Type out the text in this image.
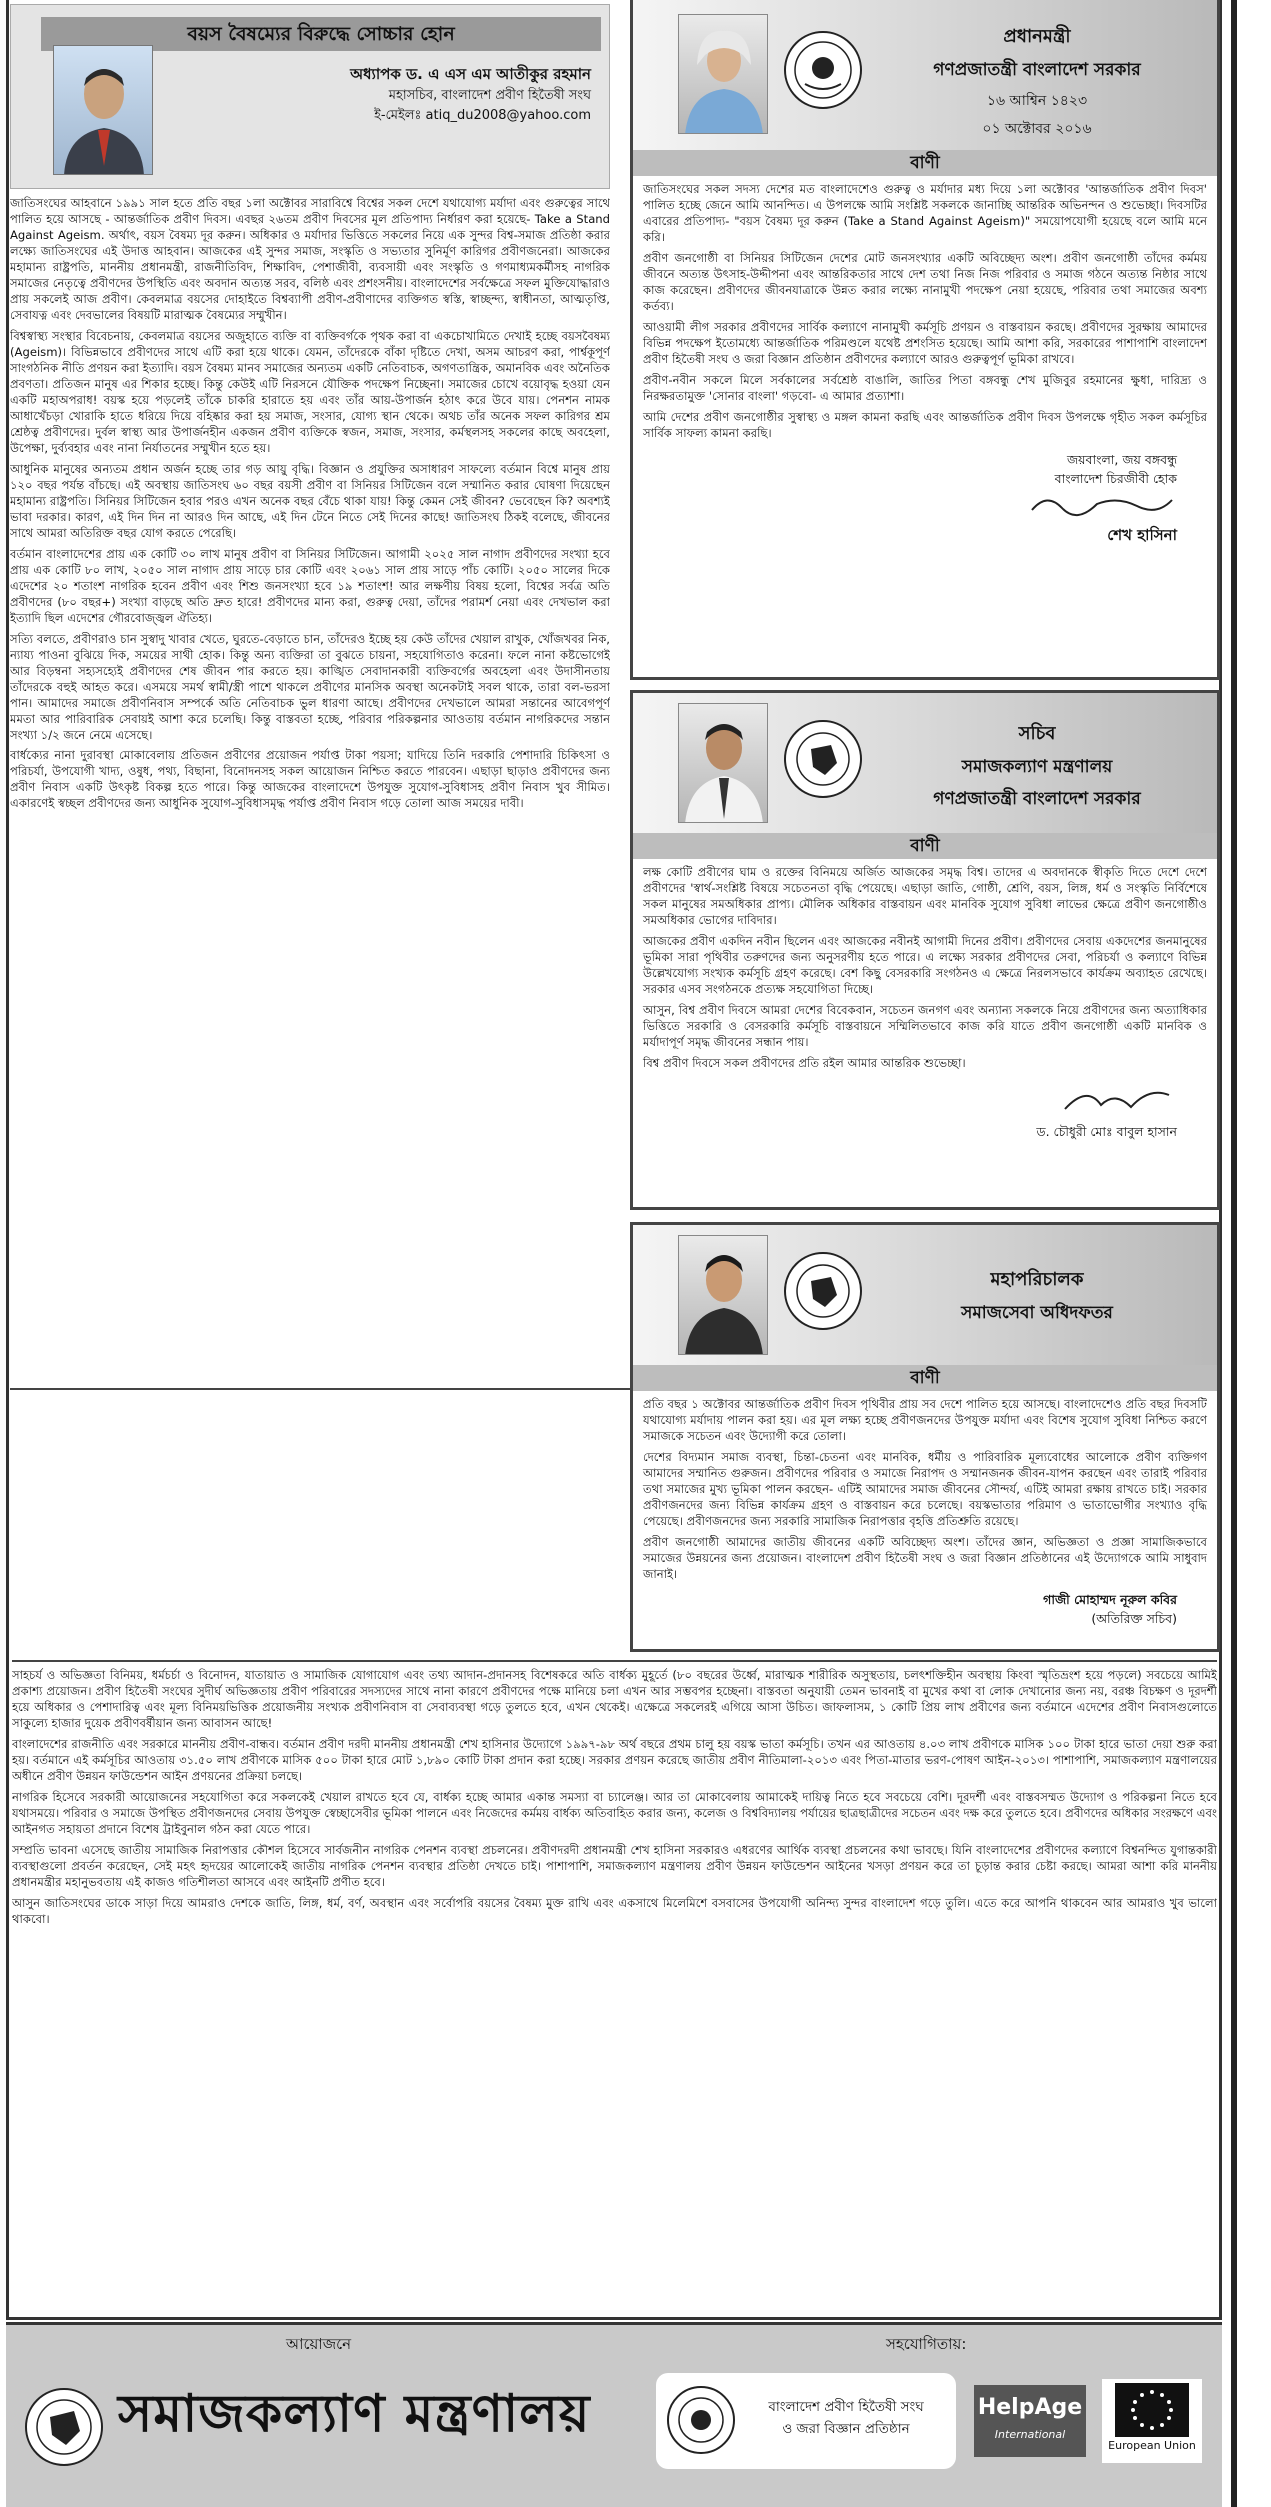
বয়স বৈষম্যের বিরুদ্ধে সোচ্চার হোন
অধ্যাপক ড. এ এস এম আতীকুর রহমান
মহাসচিব, বাংলাদেশ প্রবীণ হিতৈষী সংঘ
ই-মেইলঃ atiq_du2008@yahoo.com

জাতিসংঘের আহবানে ১৯৯১ সাল হতে প্রতি বছর ১লা অক্টোবর সারাবিশ্বে বিশ্বের সকল দেশে যথাযোগ্য মর্যাদা এবং গুরুত্বের সাথে পালিত হয়ে আসছে - আন্তর্জাতিক প্রবীণ দিবস। এবছর ২৬তম প্রবীণ দিবসের মূল প্রতিপাদ্য নির্ধারণ করা হয়েছে- Take a Stand Against Ageism. অর্থাৎ, বয়স বৈষম্য দূর করুন। অধিকার ও মর্যাদার ভিত্তিতে সকলের নিয়ে এক সুন্দর বিশ্ব-সমাজ প্রতিষ্ঠা করার লক্ষ্যে জাতিসংঘের এই উদাত্ত আহবান। আজকের এই সুন্দর সমাজ, সংস্কৃতি ও সভ্যতার সুনির্মূণ কারিগর প্রবীণজনেরা। আজকের মহামান্য রাষ্ট্রপতি, মাননীয় প্রধানমন্ত্রী, রাজনীতিবিদ, শিক্ষাবিদ, পেশাজীবী, ব্যবসায়ী এবং সংস্কৃতি ও গণমাধ্যমকর্মীসহ নাগরিক সমাজের নেতৃত্বে প্রবীণদের উপস্থিতি এবং অবদান অত্যন্ত সরব, বলিষ্ঠ এবং প্রশংসনীয়। বাংলাদেশের সর্বক্ষেত্রে সফল মুক্তিযোদ্ধারাও প্রায় সকলেই আজ প্রবীণ। কেবলমাত্র বয়সের দোহাইতে বিশ্বব্যাপী প্রবীণ-প্রবীণাদের ব্যক্তিগত স্বস্তি, স্বাচ্ছন্দ্য, স্বাধীনতা, আত্মতৃপ্তি, সেবাযত্ন এবং দেবভালের বিষয়টি মারাত্মক বৈষম্যের সম্মুখীন।

বিশ্বস্বাস্থ্য সংস্থার বিবেচনায়, কেবলমাত্র বয়সের অজুহাতে ব্যক্তি বা ব্যক্তিবর্গকে পৃথক করা বা একচোখামিতে দেখাই হচ্ছে বয়সবৈষম্য (Ageism)। বিভিন্নভাবে প্রবীণদের সাথে এটি করা হয়ে থাকে। যেমন, তাঁদেরকে বাঁকা দৃষ্টিতে দেখা, অসম আচরণ করা, পার্শ্বকূপূর্ণ সাংগঠনিক নীতি প্রণয়ন করা ইত্যাদি। বয়স বৈষম্য মানব সমাজের অন্যতম একটি নেতিবাচক, অগণতান্ত্রিক, অমানবিক এবং অনৈতিক প্রবণতা। প্রতিজন মানুষ এর শিকার হচ্ছে। কিন্তু কেউই এটি নিরসনে যৌক্তিক পদক্ষেপ নিচ্ছেনা। সমাজের চোখে বয়োবৃদ্ধ হওয়া যেন একটি মহাঅপরাধ! বয়স্ক হয়ে পড়লেই তাঁকে চাকরি হারাতে হয় এবং তাঁর আয়-উপার্জন হঠাৎ করে উবে যায়। পেনশন নামক আধাখেঁচড়া খোরাকি হাতে ধরিয়ে দিয়ে বহিষ্কার করা হয় সমাজ, সংসার, যোগ্য স্থান থেকে। অথচ তাঁর অনেক সফল কারিগর শ্রম শ্রেষ্ঠত্ব প্রবীণদের। দুর্বল স্বাস্থ্য আর উপার্জনহীন একজন প্রবীণ ব্যক্তিকে স্বজন, সমাজ, সংসার, কর্মস্থলসহ সকলের কাছে অবহেলা, উপেক্ষা, দুর্ব্যবহার এবং নানা নির্যাতনের সম্মুখীন হতে হয়।

আধুনিক মানুষের অন্যতম প্রধান অর্জন হচ্ছে তার গড় আয়ু বৃদ্ধি। বিজ্ঞান ও প্রযুক্তির অসাধারণ সাফল্যে বর্তমান বিশ্বে মানুষ প্রায় ১২০ বছর পর্যন্ত বাঁচছে। এই অবস্থায় জাতিসংঘ ৬০ বছর বয়সী প্রবীণ বা সিনিয়র সিটিজেন বলে সম্মানিত করার ঘোষণা দিয়েছেন মহামান্য রাষ্ট্রপতি। সিনিয়র সিটিজেন হবার পরও এখন অনেক বছর বেঁচে থাকা যায়! কিন্তু কেমন সেই জীবন? ভেবেছেন কি? অবশ্যই ভাবা দরকার। কারণ, এই দিন দিন না আরও দিন আছে, এই দিন টেনে নিতে সেই দিনের কাছে! জাতিসংঘ ঠিকই বলেছে, জীবনের সাথে আমরা অতিরিক্ত বছর যোগ করতে পেরেছি।

বর্তমান বাংলাদেশের প্রায় এক কোটি ৩০ লাখ মানুষ প্রবীণ বা সিনিয়র সিটিজেন। আগামী ২০২৫ সাল নাগাদ প্রবীণদের সংখ্যা হবে প্রায় এক কোটি ৮০ লাখ, ২০৫০ সাল নাগাদ প্রায় সাড়ে চার কোটি এবং ২০৬১ সাল প্রায় সাড়ে পাঁচ কোটি। ২০৫০ সালের দিকে এদেশের ২০ শতাংশ নাগরিক হবেন প্রবীণ এবং শিশু জনসংখ্যা হবে ১৯ শতাংশ! আর লক্ষণীয় বিষয় হলো, বিশ্বের সর্বত্র অতি প্রবীণদের (৮০ বছর+) সংখ্যা বাড়ছে অতি দ্রুত হারে! প্রবীণদের মান্য করা, গুরুত্ব দেয়া, তাঁদের পরামর্শ নেয়া এবং দেখভাল করা ইত্যাদি ছিল এদেশের গৌরবোজ্জ্বল ঐতিহ্য।

সত্যি বলতে, প্রবীণরাও চান সুস্বাদু খাবার খেতে, ঘুরতে-বেড়াতে চান, তাঁদেরও ইচ্ছে হয় কেউ তাঁদের খেয়াল রাখুক, খোঁজখবর নিক, ন্যায্য পাওনা বুঝিয়ে দিক, সময়ের সাথী হোক। কিন্তু অন্য ব্যক্তিরা তা বুঝতে চায়না, সহযোগিতাও করেনা। ফলে নানা কষ্টভোগেই আর বিড়ম্বনা সহ্যসহ্যেই প্রবীণদের শেষ জীবন পার করতে হয়। কাঙ্খিত সেবাদানকারী ব্যক্তিবর্গের অবহেলা এবং উদাসীনতায় তাঁদেরকে বহুই আহত করে। এসময়ে সমর্থ স্বামী/স্ত্রী পাশে থাকলে প্রবীণের মানসিক অবস্থা অনেকটাই সবল থাকে, তারা বল-ভরসা পান। আমাদের সমাজে প্রবীণনিবাস সম্পর্কে অতি নেতিবাচক ভুল ধারণা আছে। প্রবীণদের দেখভালে আমরা সন্তানের আবেগপূর্ণ মমতা আর পারিবারিক সেবায়ই আশা করে চলেছি। কিন্তু বাস্তবতা হচ্ছে, পরিবার পরিকল্পনার আওতায় বর্তমান নাগরিকদের সন্তান সংখ্যা ১/২ জনে নেমে এসেছে।

বার্ধক্যের নানা দুরাবস্থা মোকাবেলায় প্রতিজন প্রবীণের প্রয়োজন পর্যাপ্ত টাকা পয়সা; যাদিয়ে তিনি দরকারি পেশাদারি চিকিৎসা ও পরিচর্যা, উপযোগী খাদ্য, ওষুধ, পথ্য, বিছানা, বিনোদনসহ সকল আয়োজন নিশ্চিত করতে পারবেন। এছাড়া ছাড়াও প্রবীণদের জন্য প্রবীণ নিবাস একটি উৎকৃষ্ট বিকল্প হতে পারে। কিন্তু আজকের বাংলাদেশে উপযুক্ত সুযোগ-সুবিধাসহ প্রবীণ নিবাস খুব সীমিত। একারণেই স্বচ্ছল প্রবীণদের জন্য আধুনিক সুযোগ-সুবিধাসমৃদ্ধ পর্যাপ্ত প্রবীণ নিবাস গড়ে তোলা আজ সময়ের দাবী।

প্রধানমন্ত্রী
গণপ্রজাতন্ত্রী বাংলাদেশ সরকার
১৬ আশ্বিন ১৪২৩
০১ অক্টোবর ২০১৬
বাণী

জাতিসংঘের সকল সদস্য দেশের মত বাংলাদেশেও গুরুত্ব ও মর্যাদার মধ্য দিয়ে ১লা অক্টোবর 'আন্তর্জাতিক প্রবীণ দিবস' পালিত হচ্ছে জেনে আমি আনন্দিত। এ উপলক্ষে আমি সংশ্লিষ্ট সকলকে জানাচ্ছি আন্তরিক অভিনন্দন ও শুভেচ্ছা। দিবসটির এবারের প্রতিপাদ্য- "বয়স বৈষম্য দূর করুন (Take a Stand Against Ageism)" সময়োপযোগী হয়েছে বলে আমি মনে করি।

প্রবীণ জনগোষ্ঠী বা সিনিয়র সিটিজেন দেশের মোট জনসংখ্যার একটি অবিচ্ছেদ্য অংশ। প্রবীণ জনগোষ্ঠী তাঁদের কর্মময় জীবনে অত্যন্ত উৎসাহ-উদ্দীপনা এবং আন্তরিকতার সাথে দেশ তথা নিজ নিজ পরিবার ও সমাজ গঠনে অত্যন্ত নিষ্ঠার সাথে কাজ করেছেন। প্রবীণদের জীবনযাত্রাকে উন্নত করার লক্ষ্যে নানামুখী পদক্ষেপ নেয়া হয়েছে, পরিবার তথা সমাজের অবশ্য কর্তব্য।

আওয়ামী লীগ সরকার প্রবীণদের সার্বিক কল্যাণে নানামুখী কর্মসূচি প্রণয়ন ও বাস্তবায়ন করছে। প্রবীণদের সুরক্ষায় আমাদের বিভিন্ন পদক্ষেপ ইতোমধ্যে আন্তর্জাতিক পরিমণ্ডলে যথেষ্ট প্রশংসিত হয়েছে। আমি আশা করি, সরকারের পাশাপাশি বাংলাদেশ প্রবীণ হিতৈষী সংঘ ও জরা বিজ্ঞান প্রতিষ্ঠান প্রবীণদের কল্যাণে আরও গুরুত্বপূর্ণ ভূমিকা রাখবে।

প্রবীণ-নবীন সকলে মিলে সর্বকালের সর্বশ্রেষ্ঠ বাঙালি, জাতির পিতা বঙ্গবন্ধু শেখ মুজিবুর রহমানের ক্ষুধা, দারিদ্র্য ও নিরক্ষরতামুক্ত 'সোনার বাংলা' গড়বো- এ আমার প্রত্যাশা।

আমি দেশের প্রবীণ জনগোষ্ঠীর সুস্বাস্থ্য ও মঙ্গল কামনা করছি এবং আন্তর্জাতিক প্রবীণ দিবস উপলক্ষে গৃহীত সকল কর্মসূচির সার্বিক সাফল্য কামনা করছি।

জয়বাংলা, জয় বঙ্গবন্ধু
বাংলাদেশ চিরজীবী হোক
শেখ হাসিনা
সচিব
সমাজকল্যাণ মন্ত্রণালয়
গণপ্রজাতন্ত্রী বাংলাদেশ সরকার
বাণী

লক্ষ কোটি প্রবীণের ঘাম ও রক্তের বিনিময়ে অর্জিত আজকের সমৃদ্ধ বিশ্ব। তাদের এ অবদানকে স্বীকৃতি দিতে দেশে দেশে প্রবীণদের 'স্বার্থ-সংশ্লিষ্ট বিষয়ে সচেতনতা বৃদ্ধি পেয়েছে। এছাড়া জাতি, গোষ্ঠী, শ্রেণি, বয়স, লিঙ্গ, ধর্ম ও সংস্কৃতি নির্বিশেষে সকল মানুষের সমঅধিকার প্রাপ্য। মৌলিক অধিকার বাস্তবায়ন এবং মানবিক সুযোগ সুবিধা লাভের ক্ষেত্রে প্রবীণ জনগোষ্ঠীও সমঅধিকার ভোগের দাবিদার।

আজকের প্রবীণ একদিন নবীন ছিলেন এবং আজকের নবীনই আগামী দিনের প্রবীণ। প্রবীণদের সেবায় একদেশের জনমানুষের ভূমিকা সারা পৃথিবীর তরুণদের জন্য অনুসরণীয় হতে পারে। এ লক্ষ্যে সরকার প্রবীণদের সেবা, পরিচর্যা ও কল্যাণে বিভিন্ন উল্লেখযোগ্য সংখ্যক কর্মসূচি গ্রহণ করেছে। বেশ কিছু বেসরকারি সংগঠনও এ ক্ষেত্রে নিরলসভাবে কার্যক্রম অব্যাহত রেখেছে। সরকার এসব সংগঠনকে প্রত্যক্ষ সহযোগিতা দিচ্ছে।

আসুন, বিশ্ব প্রবীণ দিবসে আমরা দেশের বিবেকবান, সচেতন জনগণ এবং অন্যান্য সকলকে নিয়ে প্রবীণদের জন্য অত্যাধিকার ভিত্তিতে সরকারি ও বেসরকারি কর্মসূচি বাস্তবায়নে সম্মিলিতভাবে কাজ করি যাতে প্রবীণ জনগোষ্ঠী একটি মানবিক ও মর্যাদাপূর্ণ সমৃদ্ধ জীবনের সন্ধান পায়।

বিশ্ব প্রবীণ দিবসে সকল প্রবীণদের প্রতি রইল আমার আন্তরিক শুভেচ্ছা।

ড. চৌধুরী মোঃ বাবুল হাসান
আয়োজনে	সহযোগিতায়:
সমাজকল্যাণ মন্ত্রণালয়	বাংলাদেশ প্রবীণ হিতৈষী সংঘ
ও জরা বিজ্ঞান প্রতিষ্ঠান
HelpAge
International
European Union
মহাপরিচালক
সমাজসেবা অধিদফতর
বাণী

প্রতি বছর ১ অক্টোবর আন্তর্জাতিক প্রবীণ দিবস পৃথিবীর প্রায় সব দেশে পালিত হয়ে আসছে। বাংলাদেশেও প্রতি বছর দিবসটি যথাযোগ্য মর্যাদায় পালন করা হয়। এর মূল লক্ষ্য হচ্ছে প্রবীণজনদের উপযুক্ত মর্যাদা এবং বিশেষ সুযোগ সুবিধা নিশ্চিত করণে সমাজকে সচেতন এবং উদ্যোগী করে তোলা।

দেশের বিদ্যমান সমাজ ব্যবস্থা, চিন্তা-চেতনা এবং মানবিক, ধর্মীয় ও পারিবারিক মূল্যবোধের আলোকে প্রবীণ ব্যক্তিগণ আমাদের সম্মানিত গুরুজন। প্রবীণদের পরিবার ও সমাজে নিরাপদ ও সম্মানজনক জীবন-যাপন করছেন এবং তারাই পরিবার তথা সমাজের মুখ্য ভূমিকা পালন করছেন- এটিই আমাদের সমাজ জীবনের সৌন্দর্য, এটিই আমরা রক্ষায় রাখতে চাই। সরকার প্রবীণজনদের জন্য বিভিন্ন কার্যক্রম গ্রহণ ও বাস্তবায়ন করে চলেছে। বয়স্কভাতার পরিমাণ ও ভাতাভোগীর সংখ্যাও বৃদ্ধি পেয়েছে। প্রবীণজনদের জন্য সরকারি সামাজিক নিরাপত্তার বৃহত্তি প্রতিশ্রুতি রয়েছে।

প্রবীণ জনগোষ্ঠী আমাদের জাতীয় জীবনের একটি অবিচ্ছেদ্য অংশ। তাঁদের জ্ঞান, অভিজ্ঞতা ও প্রজ্ঞা সামাজিকভাবে সমাজের উন্নয়নের জন্য প্রয়োজন। বাংলাদেশ প্রবীণ হিতৈষী সংঘ ও জরা বিজ্ঞান প্রতিষ্ঠানের এই উদ্যোগকে আমি সাধুবাদ জানাই।

গাজী মোহাম্মদ নূরুল কবির
(অতিরিক্ত সচিব)

সাহচর্য ও অভিজ্ঞতা বিনিময়, ধর্মচর্চা ও বিনোদন, যাতায়াত ও সামাজিক যোগাযোগ এবং তথ্য আদান-প্রদানসহ বিশেষকরে অতি বার্ধক্য মুহূর্তে (৮০ বছরের উর্ধ্বে, মারাত্মক শারীরিক অসুস্থতায়, চলৎশক্তিহীন অবস্থায় কিংবা স্মৃতিভ্রংশ হয়ে পড়লে) সবচেয়ে আমিই প্রকাশ্য প্রয়োজন। প্রবীণ হিতৈষী সংঘের সুদীর্ঘ অভিজ্ঞতায় প্রবীণ পরিবারের সদস্যদের সাথে নানা কারণে প্রবীণদের পক্ষে মানিয়ে চলা এখন আর সম্ভবপর হচ্ছেনা। বাস্তবতা অনুযায়ী তেমন ভাবনাই বা মুখের কথা বা লোক দেখানোর জন্য নয়, বরঞ্চ বিচক্ষণ ও দূরদর্শী হয়ে অধিকার ও পেশাদারিত্ব এবং মূল্য বিনিময়ভিত্তিক প্রয়োজনীয় সংখ্যক প্রবীণনিবাস বা সেবাব্যবস্থা গড়ে তুলতে হবে, এখন থেকেই। এক্ষেত্রে সকলেরই এগিয়ে আসা উচিত। জাফলাসম, ১ কোটি প্রিয় লাখ প্রবীণের জন্য বর্তমানে এদেশের প্রবীণ নিবাসগুলোতে সাকুল্যে হাজার দুয়েক প্রবীণবর্ষীয়ান জন্য আবাসন আছে!

বাংলাদেশের রাজনীতি এবং সরকারে মাননীয় প্রবীণ-বান্ধব। বর্তমান প্রবীণ দরদী মাননীয় প্রধানমন্ত্রী শেখ হাসিনার উদ্যোগে ১৯৯৭-৯৮ অর্থ বছরে প্রথম চালু হয় বয়স্ক ভাতা কর্মসূচি। তখন এর আওতায় ৪.০৩ লাখ প্রবীণকে মাসিক ১০০ টাকা হারে ভাতা দেয়া শুরু করা হয়। বর্তমানে এই কর্মসূচির আওতায় ৩১.৫০ লাখ প্রবীণকে মাসিক ৫০০ টাকা হারে মোট ১,৮৯০ কোটি টাকা প্রদান করা হচ্ছে। সরকার প্রণয়ন করেছে জাতীয় প্রবীণ নীতিমালা-২০১৩ এবং পিতা-মাতার ভরণ-পোষণ আইন-২০১৩। পাশাপাশি, সমাজকল্যাণ মন্ত্রণালয়ের অধীনে প্রবীণ উন্নয়ন ফাউন্ডেশন আইন প্রণয়নের প্রক্রিয়া চলছে।

নাগরিক হিসেবে সরকারী আয়োজনের সহযোগিতা করে সকলকেই খেয়াল রাখতে হবে যে, বার্ধক্য হচ্ছে আমার একান্ত সমস্যা বা চ্যালেঞ্জ। আর তা মোকাবেলায় আমাকেই দায়িত্ব নিতে হবে সবচেয়ে বেশি। দূরদর্শী এবং বাস্তবসম্মত উদ্যোগ ও পরিকল্পনা নিতে হবে যথাসময়ে। পরিবার ও সমাজে উপস্থিত প্রবীণজনদের সেবায় উপযুক্ত স্বেচ্ছাসেবীর ভূমিকা পালনে এবং নিজেদের কর্মময় বার্ধক্য অতিবাহিত করার জন্য, কলেজ ও বিশ্ববিদ্যালয় পর্যায়ের ছাত্রছাত্রীদের সচেতন এবং দক্ষ করে তুলতে হবে। প্রবীণদের অধিকার সংরক্ষণে এবং আইনগত সহায়তা প্রদানে বিশেষ ট্রাইবুনাল গঠন করা যেতে পারে।

সম্প্রতি ভাবনা এসেছে জাতীয় সামাজিক নিরাপত্তার কৌশল হিসেবে সার্বজনীন নাগরিক পেনশন ব্যবস্থা প্রচলনের। প্রবীণদরদী প্রধানমন্ত্রী শেখ হাসিনা সরকারও এধরণের আর্থিক ব্যবস্থা প্রচলনের কথা ভাবছে। যিনি বাংলাদেশের প্রবীণদের কল্যাণে বিশ্বনন্দিত যুগান্তকারী ব্যবস্থাগুলো প্রবর্তন করেছেন, সেই মহৎ হৃদয়ের আলোকেই জাতীয় নাগরিক পেনশন ব্যবস্থার প্রতিষ্ঠা দেখতে চাই। পাশাপাশি, সমাজকল্যাণ মন্ত্রণালয় প্রবীণ উন্নয়ন ফাউন্ডেশন আইনের খসড়া প্রণয়ন করে তা চূড়ান্ত করার চেষ্টা করছে। আমরা আশা করি মাননীয় প্রধানমন্ত্রীর মহানুভবতায় এই কাজও গতিশীলতা আসবে এবং আইনটি প্রণীত হবে।

আসুন জাতিসংঘের ডাকে সাড়া দিয়ে আমরাও দেশকে জাতি, লিঙ্গ, ধর্ম, বর্ণ, অবস্থান এবং সর্বোপরি বয়সের বৈষম্য মুক্ত রাখি এবং একসাথে মিলেমিশে বসবাসের উপযোগী অনিন্দ্য সুন্দর বাংলাদেশ গড়ে তুলি। এতে করে আপনি থাকবেন আর আমরাও খুব ভালো থাকবো।
